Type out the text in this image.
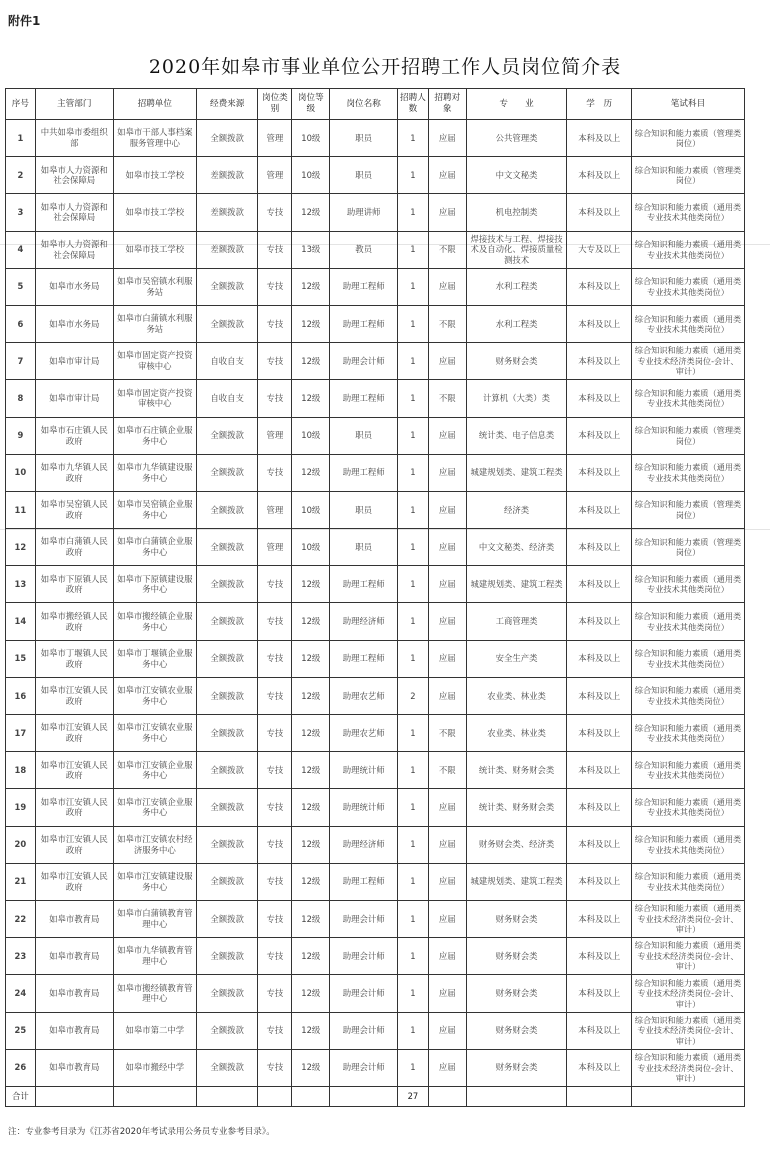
附件1
2020年如皋市事业单位公开招聘工作人员岗位简介表
序号	主管部门	招聘单位	经费来源	岗位类别	岗位等级	岗位名称	招聘人数	招聘对象	专　　业	学　历	笔试科目
1	中共如皋市委组织部	如皋市干部人事档案服务管理中心	全额拨款	管理	10级	职员	1	应届	公共管理类	本科及以上	综合知识和能力素质（管理类岗位）
2	如皋市人力资源和社会保障局	如皋市技工学校	差额拨款	管理	10级	职员	1	应届	中文文秘类	本科及以上	综合知识和能力素质（管理类岗位）
3	如皋市人力资源和社会保障局	如皋市技工学校	差额拨款	专技	12级	助理讲师	1	应届	机电控制类	本科及以上	综合知识和能力素质（通用类专业技术其他类岗位）
4	如皋市人力资源和社会保障局	如皋市技工学校	差额拨款	专技	13级	教员	1	不限	焊接技术与工程、焊接技术及自动化、焊接质量检测技术	大专及以上	综合知识和能力素质（通用类专业技术其他类岗位）
5	如皋市水务局	如皋市吴窑镇水利服务站	全额拨款	专技	12级	助理工程师	1	应届	水利工程类	本科及以上	综合知识和能力素质（通用类专业技术其他类岗位）
6	如皋市水务局	如皋市白蒲镇水利服务站	全额拨款	专技	12级	助理工程师	1	不限	水利工程类	本科及以上	综合知识和能力素质（通用类专业技术其他类岗位）
7	如皋市审计局	如皋市固定资产投资审核中心	自收自支	专技	12级	助理会计师	1	应届	财务财会类	本科及以上	综合知识和能力素质（通用类专业技术经济类岗位-会计、审计）
8	如皋市审计局	如皋市固定资产投资审核中心	自收自支	专技	12级	助理工程师	1	不限	计算机（大类）类	本科及以上	综合知识和能力素质（通用类专业技术其他类岗位）
9	如皋市石庄镇人民政府	如皋市石庄镇企业服务中心	全额拨款	管理	10级	职员	1	应届	统计类、电子信息类	本科及以上	综合知识和能力素质（管理类岗位）
10	如皋市九华镇人民政府	如皋市九华镇建设服务中心	全额拨款	专技	12级	助理工程师	1	应届	城建规划类、建筑工程类	本科及以上	综合知识和能力素质（通用类专业技术其他类岗位）
11	如皋市吴窑镇人民政府	如皋市吴窑镇企业服务中心	全额拨款	管理	10级	职员	1	应届	经济类	本科及以上	综合知识和能力素质（管理类岗位）
12	如皋市白蒲镇人民政府	如皋市白蒲镇企业服务中心	全额拨款	管理	10级	职员	1	应届	中文文秘类、经济类	本科及以上	综合知识和能力素质（管理类岗位）
13	如皋市下原镇人民政府	如皋市下原镇建设服务中心	全额拨款	专技	12级	助理工程师	1	应届	城建规划类、建筑工程类	本科及以上	综合知识和能力素质（通用类专业技术其他类岗位）
14	如皋市搬经镇人民政府	如皋市搬经镇企业服务中心	全额拨款	专技	12级	助理经济师	1	应届	工商管理类	本科及以上	综合知识和能力素质（通用类专业技术其他类岗位）
15	如皋市丁堰镇人民政府	如皋市丁堰镇企业服务中心	全额拨款	专技	12级	助理工程师	1	应届	安全生产类	本科及以上	综合知识和能力素质（通用类专业技术其他类岗位）
16	如皋市江安镇人民政府	如皋市江安镇农业服务中心	全额拨款	专技	12级	助理农艺师	2	应届	农业类、林业类	本科及以上	综合知识和能力素质（通用类专业技术其他类岗位）
17	如皋市江安镇人民政府	如皋市江安镇农业服务中心	全额拨款	专技	12级	助理农艺师	1	不限	农业类、林业类	本科及以上	综合知识和能力素质（通用类专业技术其他类岗位）
18	如皋市江安镇人民政府	如皋市江安镇企业服务中心	全额拨款	专技	12级	助理统计师	1	不限	统计类、财务财会类	本科及以上	综合知识和能力素质（通用类专业技术其他类岗位）
19	如皋市江安镇人民政府	如皋市江安镇企业服务中心	全额拨款	专技	12级	助理统计师	1	应届	统计类、财务财会类	本科及以上	综合知识和能力素质（通用类专业技术其他类岗位）
20	如皋市江安镇人民政府	如皋市江安镇农村经济服务中心	全额拨款	专技	12级	助理经济师	1	应届	财务财会类、经济类	本科及以上	综合知识和能力素质（通用类专业技术其他类岗位）
21	如皋市江安镇人民政府	如皋市江安镇建设服务中心	全额拨款	专技	12级	助理工程师	1	应届	城建规划类、建筑工程类	本科及以上	综合知识和能力素质（通用类专业技术其他类岗位）
22	如皋市教育局	如皋市白蒲镇教育管理中心	全额拨款	专技	12级	助理会计师	1	应届	财务财会类	本科及以上	综合知识和能力素质（通用类专业技术经济类岗位-会计、审计）
23	如皋市教育局	如皋市九华镇教育管理中心	全额拨款	专技	12级	助理会计师	1	应届	财务财会类	本科及以上	综合知识和能力素质（通用类专业技术经济类岗位-会计、审计）
24	如皋市教育局	如皋市搬经镇教育管理中心	全额拨款	专技	12级	助理会计师	1	应届	财务财会类	本科及以上	综合知识和能力素质（通用类专业技术经济类岗位-会计、审计）
25	如皋市教育局	如皋市第二中学	全额拨款	专技	12级	助理会计师	1	应届	财务财会类	本科及以上	综合知识和能力素质（通用类专业技术经济类岗位-会计、审计）
26	如皋市教育局	如皋市搬经中学	全额拨款	专技	12级	助理会计师	1	应届	财务财会类	本科及以上	综合知识和能力素质（通用类专业技术经济类岗位-会计、审计）
合计							27				
注：专业参考目录为《江苏省2020年考试录用公务员专业参考目录》。
